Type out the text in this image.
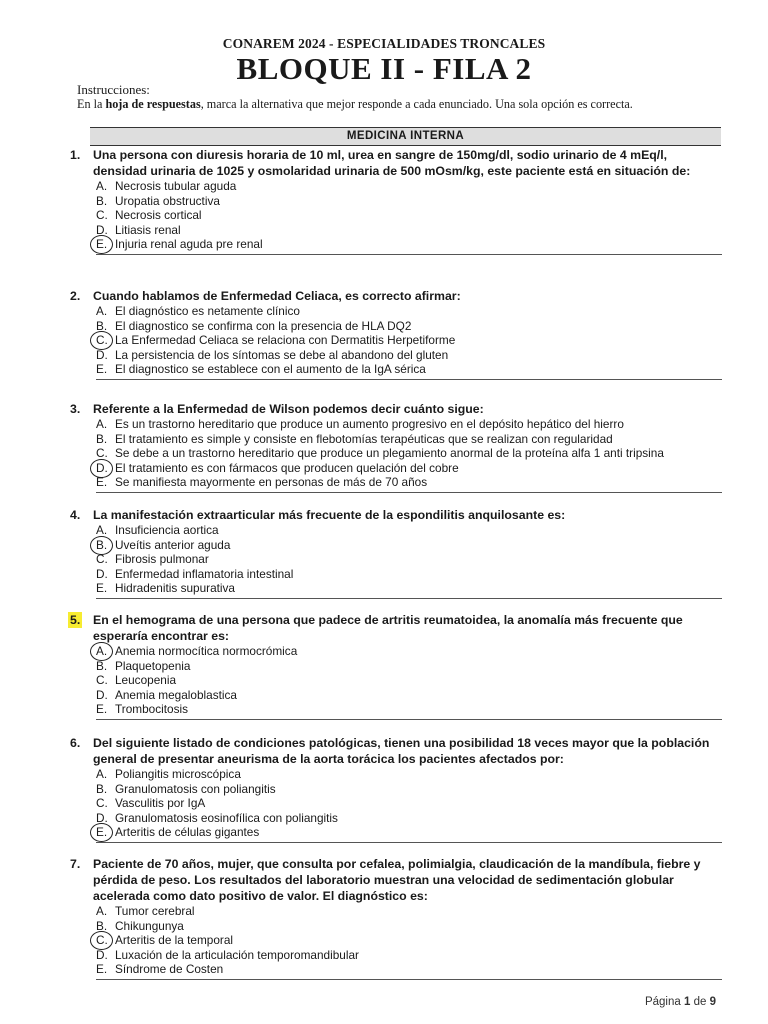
CONAREM 2024 - ESPECIALIDADES TRONCALES
BLOQUE II - FILA 2
Instrucciones:
En la hoja de respuestas, marca la alternativa que mejor responde a cada enunciado. Una sola opción es correcta.
MEDICINA INTERNA
1. Una persona con diuresis horaria de 10 ml, urea en sangre de 150mg/dl, sodio urinario de 4 mEq/l, densidad urinaria de 1025 y osmolaridad urinaria de 500 mOsm/kg, este paciente está en situación de:
A. Necrosis tubular aguda
B. Uropatia obstructiva
C. Necrosis cortical
D. Litiasis renal
E. Injuria renal aguda pre renal
2. Cuando hablamos de Enfermedad Celiaca, es correcto afirmar:
A. El diagnóstico es netamente clínico
B. El diagnostico se confirma con la presencia de HLA DQ2
C. La Enfermedad Celiaca se relaciona con Dermatitis Herpetiforme
D. La persistencia de los síntomas se debe al abandono del gluten
E. El diagnostico se establece con el aumento de la IgA sérica
3. Referente a la Enfermedad de Wilson podemos decir cuánto sigue:
A. Es un trastorno hereditario que produce un aumento progresivo en el depósito hepático del hierro
B. El tratamiento es simple y consiste en flebotomías terapéuticas que se realizan con regularidad
C. Se debe a un trastorno hereditario que produce un plegamiento anormal de la proteína alfa 1 anti tripsina
D. El tratamiento es con fármacos que producen quelación del cobre
E. Se manifiesta mayormente en personas de más de 70 años
4. La manifestación extraarticular más frecuente de la espondilitis anquilosante es:
A. Insuficiencia aortica
B. Uveítis anterior aguda
C. Fibrosis pulmonar
D. Enfermedad inflamatoria intestinal
E. Hidradenitis supurativa
5. En el hemograma de una persona que padece de artritis reumatoidea, la anomalía más frecuente que esperaría encontrar es:
A. Anemia normocítica normocrómica
B. Plaquetopenia
C. Leucopenia
D. Anemia megaloblastica
E. Trombocitosis
6. Del siguiente listado de condiciones patológicas, tienen una posibilidad 18 veces mayor que la población general de presentar aneurisma de la aorta torácica los pacientes afectados por:
A. Poliangitis microscópica
B. Granulomatosis con poliangitis
C. Vasculitis por IgA
D. Granulomatosis eosinofílica con poliangitis
E. Arteritis de células gigantes
7. Paciente de 70 años, mujer, que consulta por cefalea, polimialgia, claudicación de la mandíbula, fiebre y pérdida de peso. Los resultados del laboratorio muestran una velocidad de sedimentación globular acelerada como dato positivo de valor. El diagnóstico es:
A. Tumor cerebral
B. Chikungunya
C. Arteritis de la temporal
D. Luxación de la articulación temporomandibular
E. Síndrome de Costen
Página 1 de 9
